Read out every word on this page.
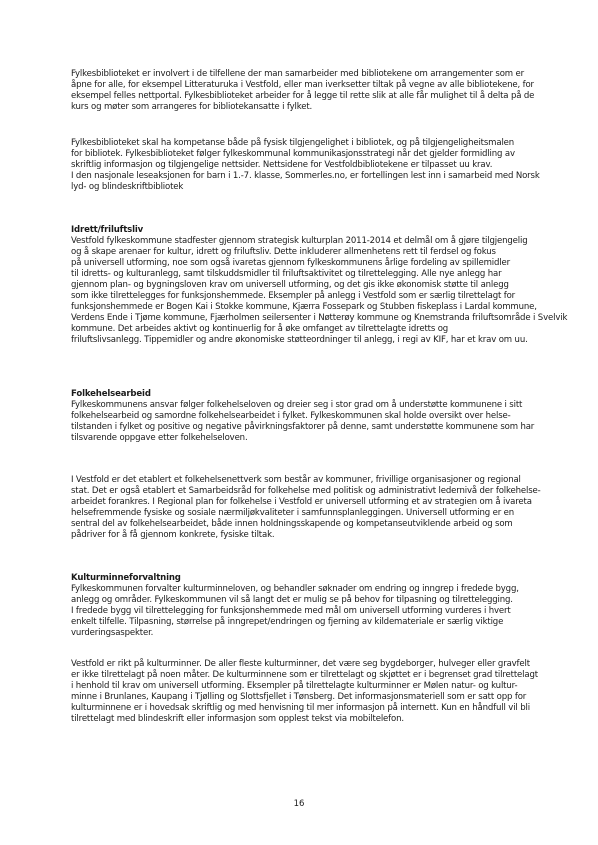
Fylkesbiblioteket er involvert i de tilfellene der man samarbeider med bibliotekene om arrangementer som er
åpne for alle, for eksempel Litteraturuka i Vestfold, eller man iverksetter tiltak på vegne av alle bibliotekene, for
eksempel felles nettportal. Fylkesbiblioteket arbeider for å legge til rette slik at alle får mulighet til å delta på de
kurs og møter som arrangeres for bibliotekansatte i fylket.
Fylkesbiblioteket skal ha kompetanse både på fysisk tilgjengelighet i bibliotek, og på tilgjengeligheitsmalen
for bibliotek. Fylkesbiblioteket følger fylkeskommunal kommunikasjonsstrategi når det gjelder formidling av
skriftlig informasjon og tilgjengelige nettsider. Nettsidene for Vestfoldbibliotekene er tilpasset uu krav.
I den nasjonale leseaksjonen for barn i 1.-7. klasse, Sommerles.no, er fortellingen lest inn i samarbeid med Norsk
lyd- og blindeskriftbibliotek
Idrett/friluftsliv
Vestfold fylkeskommune stadfester gjennom strategisk kulturplan 2011-2014 et delmål om å gjøre tilgjengelig
og å skape arenaer for kultur, idrett og friluftsliv. Dette inkluderer allmenhetens rett til ferdsel og fokus
på universell utforming, noe som også ivaretas gjennom fylkeskommunens årlige fordeling av spillemidler
til idretts- og kulturanlegg, samt tilskuddsmidler til friluftsaktivitet og tilrettelegging. Alle nye anlegg har
gjennom plan- og bygningsloven krav om universell utforming, og det gis ikke økonomisk støtte til anlegg
som ikke tilrettelegges for funksjonshemmede. Eksempler på anlegg i Vestfold som er særlig tilrettelagt for
funksjonshemmede er Bogen Kai i Stokke kommune, Kjærra Fossepark og Stubben fiskeplass i Lardal kommune,
Verdens Ende i Tjøme kommune, Fjærholmen seilersenter i Nøtterøy kommune og Knemstranda friluftsområde i Svelvik kommune. Det arbeides aktivt og kontinuerlig for å øke omfanget av tilrettelagte idretts og
friluftslivsanlegg. Tippemidler og andre økonomiske støtteordninger til anlegg, i regi av KIF, har et krav om uu.
Folkehelsearbeid
Fylkeskommunens ansvar følger folkehelseloven og dreier seg i stor grad om å understøtte kommunene i sitt
folkehelsearbeid og samordne folkehelsearbeidet i fylket. Fylkeskommunen skal holde oversikt over helse-
tilstanden i fylket og positive og negative påvirkningsfaktorer på denne, samt understøtte kommunene som har
tilsvarende oppgave etter folkehelseloven.
I Vestfold er det etablert et folkehelsenettverk som består av kommuner, frivillige organisasjoner og regional
stat. Det er også etablert et Samarbeidsråd for folkehelse med politisk og administrativt ledernivå der folkehelse-
arbeidet forankres. I Regional plan for folkehelse i Vestfold er universell utforming et av strategien om å ivareta
helsefremmende fysiske og sosiale nærmiljøkvaliteter i samfunnsplanleggingen. Universell utforming er en
sentral del av folkehelsearbeidet, både innen holdningsskapende og kompetanseutviklende arbeid og som
pådriver for å få gjennom konkrete, fysiske tiltak.
Kulturminneforvaltning
Fylkeskommunen forvalter kulturminneloven, og behandler søknader om endring og inngrep i fredede bygg,
anlegg og områder. Fylkeskommunen vil så langt det er mulig se på behov for tilpasning og tilrettelegging.
I fredede bygg vil tilrettelegging for funksjonshemmede med mål om universell utforming vurderes i hvert
enkelt tilfelle. Tilpasning, størrelse på inngrepet/endringen og fjerning av kildemateriale er særlig viktige
vurderingsaspekter.
Vestfold er rikt på kulturminner. De aller fleste kulturminner, det være seg bygdeborger, hulveger eller gravfelt
er ikke tilrettelagt på noen måter. De kulturminnene som er tilrettelagt og skjøttet er i begrenset grad tilrettelagt
i henhold til krav om universell utforming. Eksempler på tilrettelagte kulturminner er Mølen natur- og kultur-
minne i Brunlanes, Kaupang i Tjølling og Slottsfjellet i Tønsberg. Det informasjonsmateriell som er satt opp for
kulturminnene er i hovedsak skriftlig og med henvisning til mer informasjon på internett. Kun en håndfull vil bli
tilrettelagt med blindeskrift eller informasjon som opplest tekst via mobiltelefon.
16
